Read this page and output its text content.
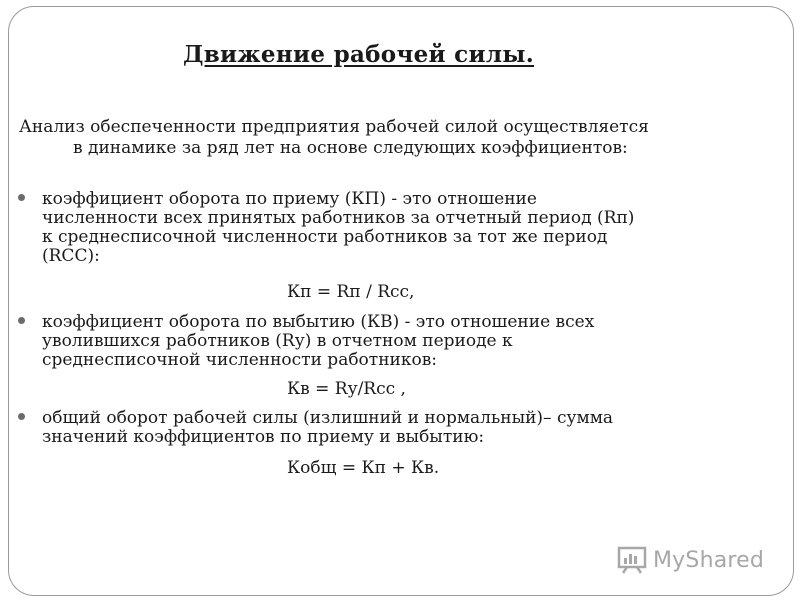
Движение рабочей силы.
Анализ обеспеченности предприятия рабочей силой осуществляется
в динамике за ряд лет на основе следующих коэффициентов:
коэффициент оборота по приему (КП) - это отношение
численности всех принятых работников за отчетный период (Rп)
к среднесписочной численности работников за тот же период
(RСС):
Кп = Rп / Rсс,
коэффициент оборота по выбытию (КВ) - это отношение всех
уволившихся работников (Rу) в отчетном периоде к
среднесписочной численности работников:
Кв = Rу/Rсс ,
общий оборот рабочей силы (излишний и нормальный)– сумма
значений коэффициентов по приему и выбытию:
Кобщ = Кп + Кв.
MyShared
